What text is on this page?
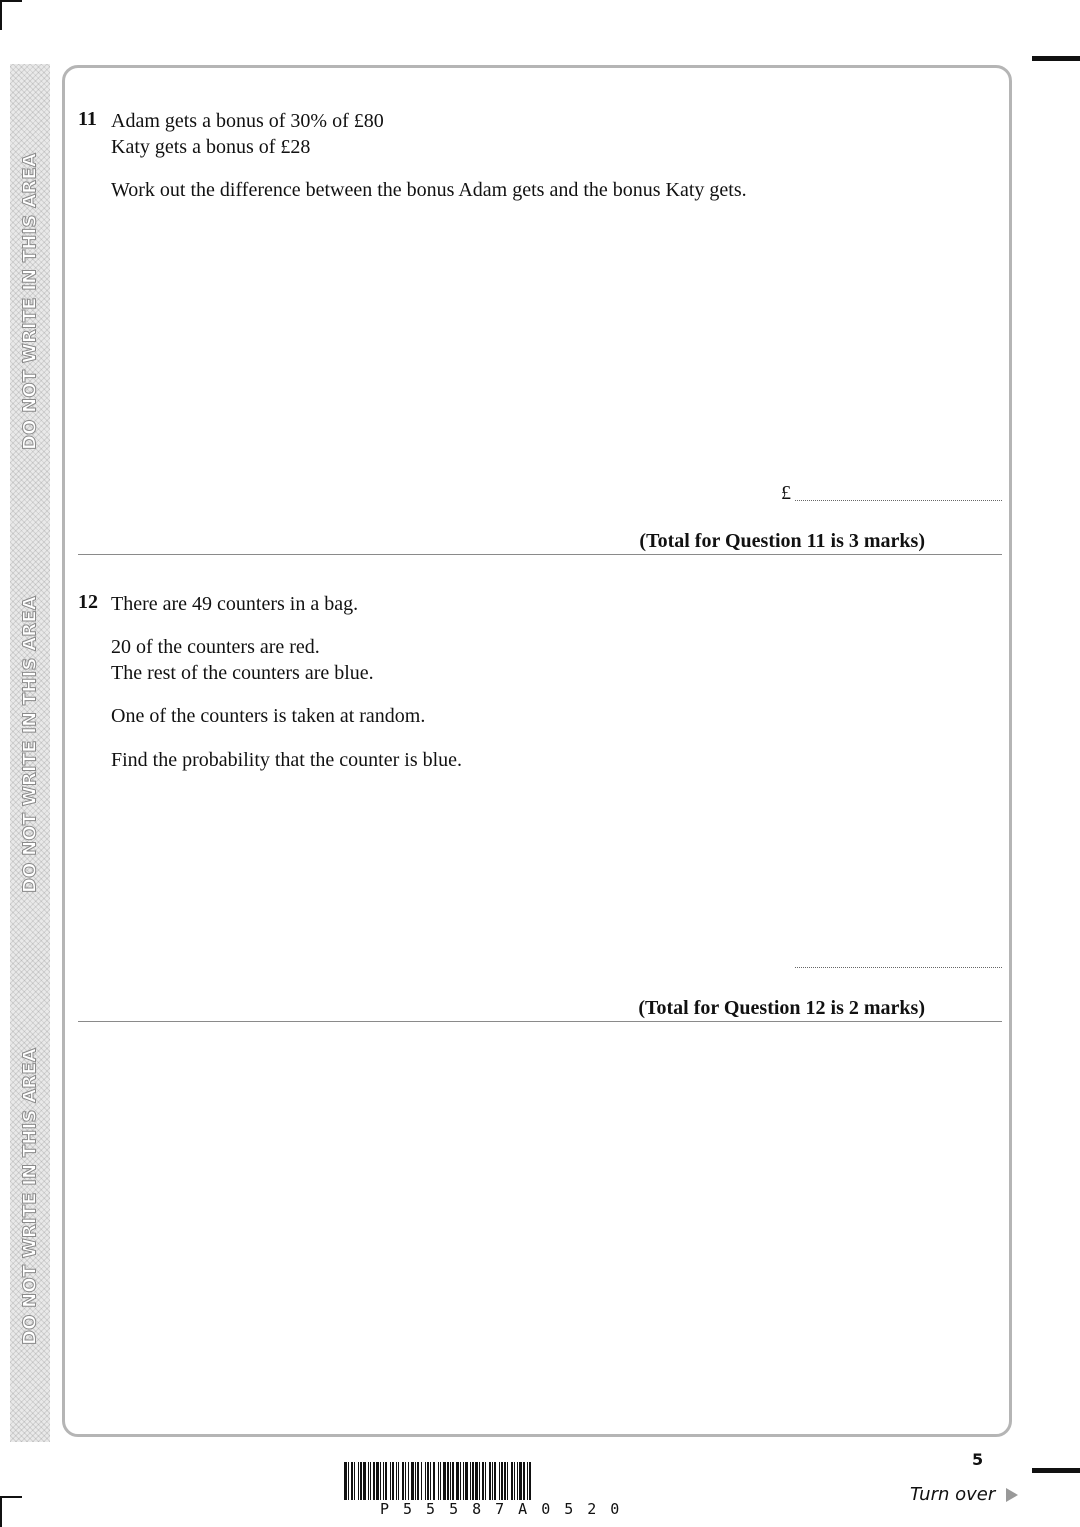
DO NOT WRITE IN THIS AREA
DO NOT WRITE IN THIS AREA
DO NOT WRITE IN THIS AREA
11 Adam gets a bonus of 30% of £80
Katy gets a bonus of £28
Work out the difference between the bonus Adam gets and the bonus Katy gets.
£
(Total for Question 11 is 3 marks)
12 There are 49 counters in a bag.
20 of the counters are red.
The rest of the counters are blue.
One of the counters is taken at random.
Find the probability that the counter is blue.
(Total for Question 12 is 2 marks)
P55587A0520
5
Turn over
